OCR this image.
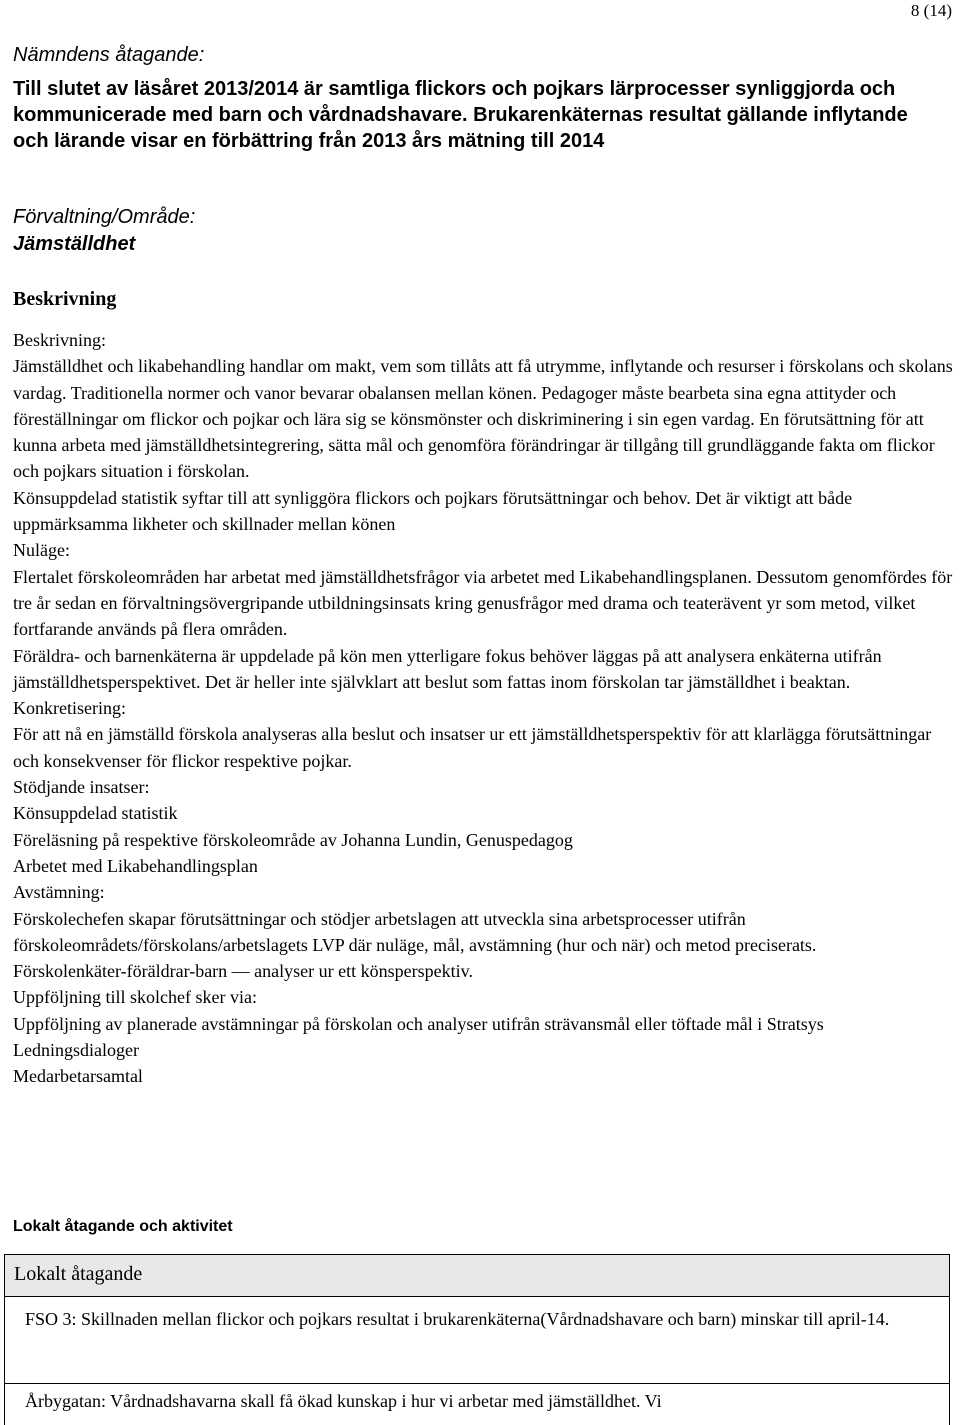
8 (14)
Nämndens åtagande:
Till slutet av läsåret 2013/2014 är samtliga flickors och pojkars lärprocesser synliggjorda och kommunicerade med barn och vårdnadshavare. Brukarenkäternas resultat gällande inflytande och lärande visar en förbättring från 2013 års mätning till 2014
Förvaltning/Område:
Jämställdhet
Beskrivning
Beskrivning:
Jämställdhet och likabehandling handlar om makt, vem som tillåts att få utrymme, inflytande och resurser i förskolans och skolans vardag. Traditionella normer och vanor bevarar obalansen mellan könen. Pedagoger måste bearbeta sina egna attityder och föreställningar om flickor och pojkar och lära sig se könsmönster och diskriminering i sin egen vardag. En förutsättning för att kunna arbeta med jämställdhetsintegrering, sätta mål och genomföra förändringar är tillgång till grundläggande fakta om flickor och pojkars situation i förskolan.
Könsuppdelad statistik syftar till att synliggöra flickors och pojkars förutsättningar och behov. Det är viktigt att både uppmärksamma likheter och skillnader mellan könen
Nuläge:
Flertalet förskoleområden har arbetat med jämställdhetsfrågor via arbetet med Likabehandlingsplanen. Dessutom genomfördes för tre år sedan en förvaltningsövergripande utbildningsinsats kring genusfrågor med drama och teaterävent yr som metod, vilket fortfarande används på flera områden.
Föräldra- och barnenkäterna är uppdelade på kön men ytterligare fokus behöver läggas på att analysera enkäterna utifrån jämställdhetsperspektivet. Det är heller inte självklart att beslut som fattas inom förskolan tar jämställdhet i beaktan.
Konkretisering:
För att nå en jämställd förskola analyseras alla beslut och insatser ur ett jämställdhetsperspektiv för att klarlägga förutsättningar och konsekvenser för flickor respektive pojkar.
Stödjande insatser:
Könsuppdelad statistik
Föreläsning på respektive förskoleområde av Johanna Lundin, Genuspedagog
Arbetet med Likabehandlingsplan
Avstämning:
Förskolechefen skapar förutsättningar och stödjer arbetslagen att utveckla sina arbetsprocesser utifrån förskoleområdets/förskolans/arbetslagets LVP där nuläge, mål, avstämning (hur och när) och metod preciserats.
Förskolenkäter-föräldrar-barn — analyser ur ett könsperspektiv.
Uppföljning till skolchef sker via:
Uppföljning av planerade avstämningar på förskolan och analyser utifrån strävansmål eller töftade mål i Stratsys
Ledningsdialoger
Medarbetarsamtal
Lokalt åtagande och aktivitet
Lokalt åtagande
FSO 3: Skillnaden mellan flickor och pojkars resultat i brukarenkäterna(Vårdnadshavare och barn) minskar till april-14.
Årbygatan: Vårdnadshavarna skall få ökad kunskap i hur vi arbetar med jämställdhet. Vi
